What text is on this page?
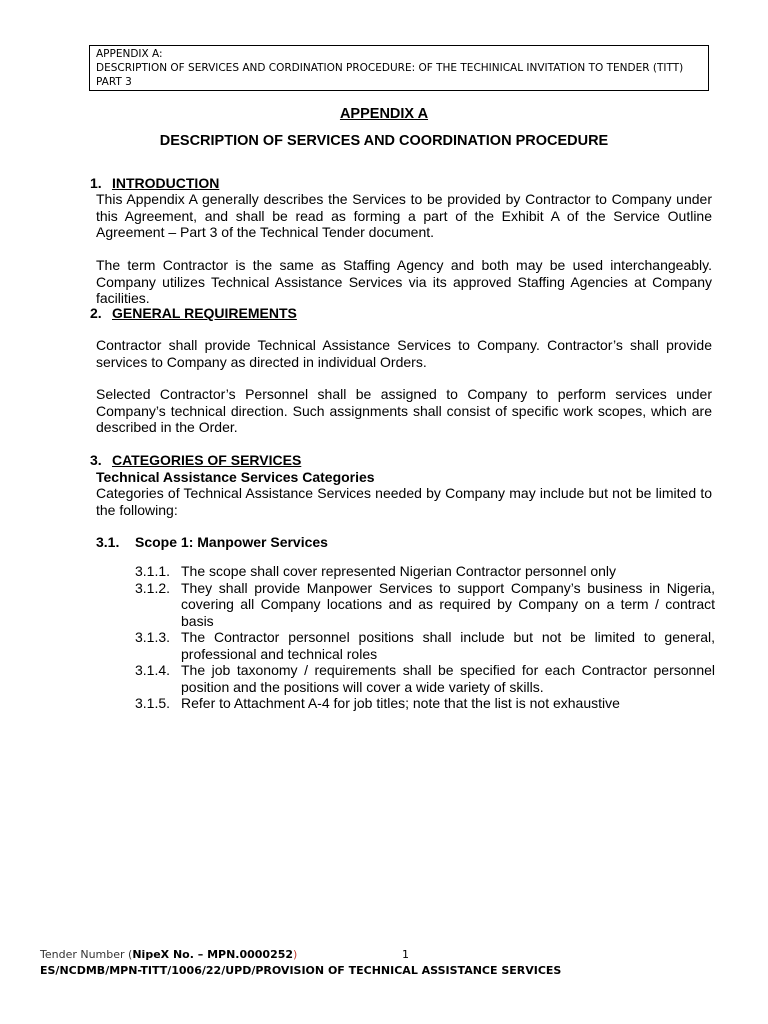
APPENDIX A:
DESCRIPTION OF SERVICES AND CORDINATION PROCEDURE: OF THE TECHINICAL INVITATION TO TENDER (TITT)
PART 3
APPENDIX A
DESCRIPTION OF SERVICES AND COORDINATION PROCEDURE
1. INTRODUCTION
This Appendix A generally describes the Services to be provided by Contractor to Company under this Agreement, and shall be read as forming a part of the Exhibit A of the Service Outline Agreement – Part 3 of the Technical Tender document.
The term Contractor is the same as Staffing Agency and both may be used interchangeably. Company utilizes Technical Assistance Services via its approved Staffing Agencies at Company facilities.
2. GENERAL REQUIREMENTS
Contractor shall provide Technical Assistance Services to Company. Contractor’s shall provide services to Company as directed in individual Orders.
Selected Contractor’s Personnel shall be assigned to Company to perform services under Company’s technical direction. Such assignments shall consist of specific work scopes, which are described in the Order.
3. CATEGORIES OF SERVICES
Technical Assistance Services Categories
Categories of Technical Assistance Services needed by Company may include but not be limited to the following:
3.1. Scope 1: Manpower Services
3.1.1. The scope shall cover represented Nigerian Contractor personnel only
3.1.2. They shall provide Manpower Services to support Company’s business in Nigeria, covering all Company locations and as required by Company on a term / contract basis
3.1.3. The Contractor personnel positions shall include but not be limited to general, professional and technical roles
3.1.4. The job taxonomy / requirements shall be specified for each Contractor personnel position and the positions will cover a wide variety of skills.
3.1.5. Refer to Attachment A-4 for job titles; note that the list is not exhaustive
Tender Number (NipeX No. – MPN.0000252)	1
ES/NCDMB/MPN-TITT/1006/22/UPD/PROVISION OF TECHNICAL ASSISTANCE SERVICES
